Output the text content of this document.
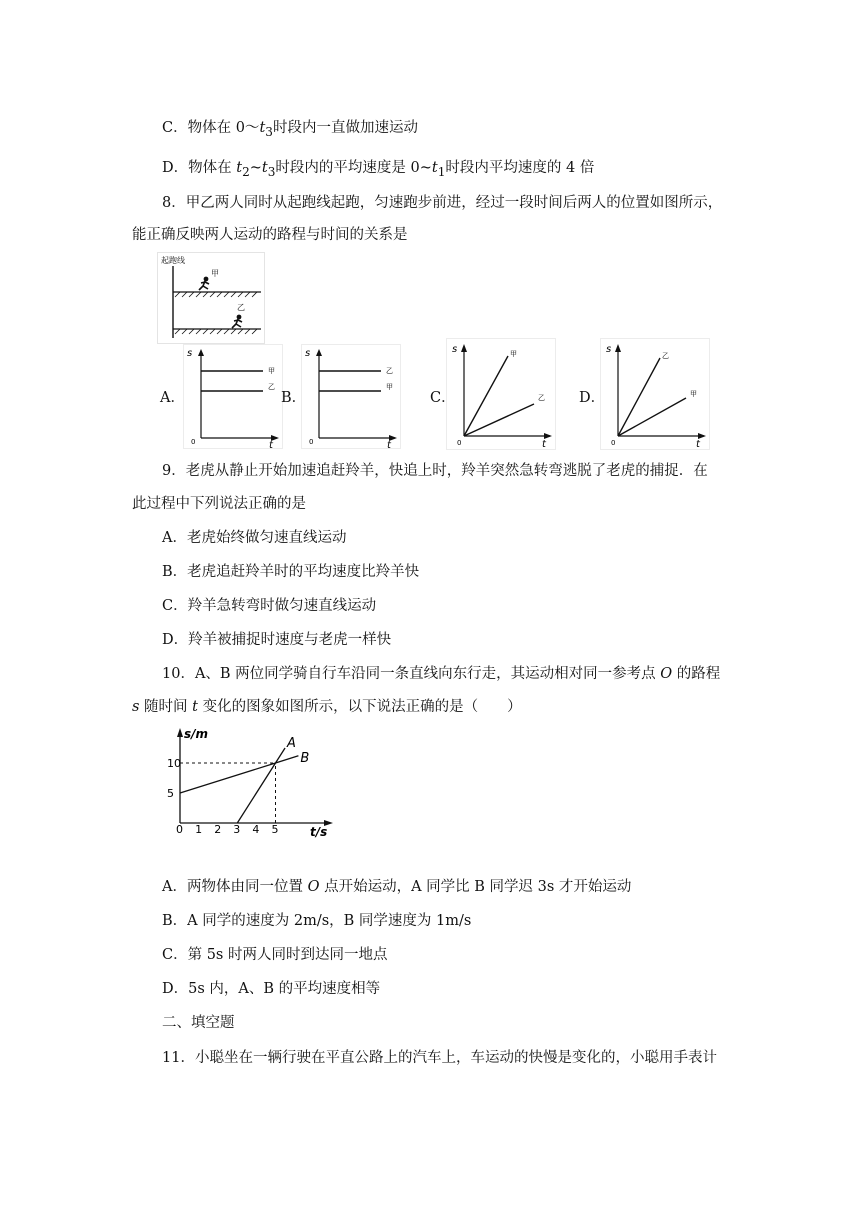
C．物体在 $0\sim t_3$时段内一直做加速运动
D．物体在 $t_2\sim t_3$时段内的平均速度是 $0\sim t_1$时段内平均速度的 4 倍
8．甲乙两人同时从起跑线起跑，匀速跑步前进，经过一段时间后两人的位置如图所示，
能正确反映两人运动的路程与时间的关系是
起跑线
甲
乙
A．
s
t
0
甲
乙
B．
s
t
0
乙
甲
C．
s
t
0
甲
乙 D．
s
t
0
乙
甲
9．老虎从静止开始加速追赶羚羊，快追上时，羚羊突然急转弯逃脱了老虎的捕捉．在
此过程中下列说法正确的是
A．老虎始终做匀速直线运动
B．老虎追赶羚羊时的平均速度比羚羊快
C．羚羊急转弯时做匀速直线运动
D．羚羊被捕捉时速度与老虎一样快
10．A、B 两位同学骑自行车沿同一条直线向东行走，其运动相对同一参考点 O 的路程
s 随时间 t 变化的图象如图所示，以下说法正确的是（　　）
s/m
t/s
0 1 2 3 4 5
5
10
A
B
A．两物体由同一位置 O 点开始运动，A 同学比 B 同学迟 3s 才开始运动
B．A 同学的速度为 2m/s，B 同学速度为 1m/s
C．第 5s 时两人同时到达同一地点
D．5s 内，A、B 的平均速度相等
二、填空题
11．小聪坐在一辆行驶在平直公路上的汽车上，车运动的快慢是变化的，小聪用手表计
